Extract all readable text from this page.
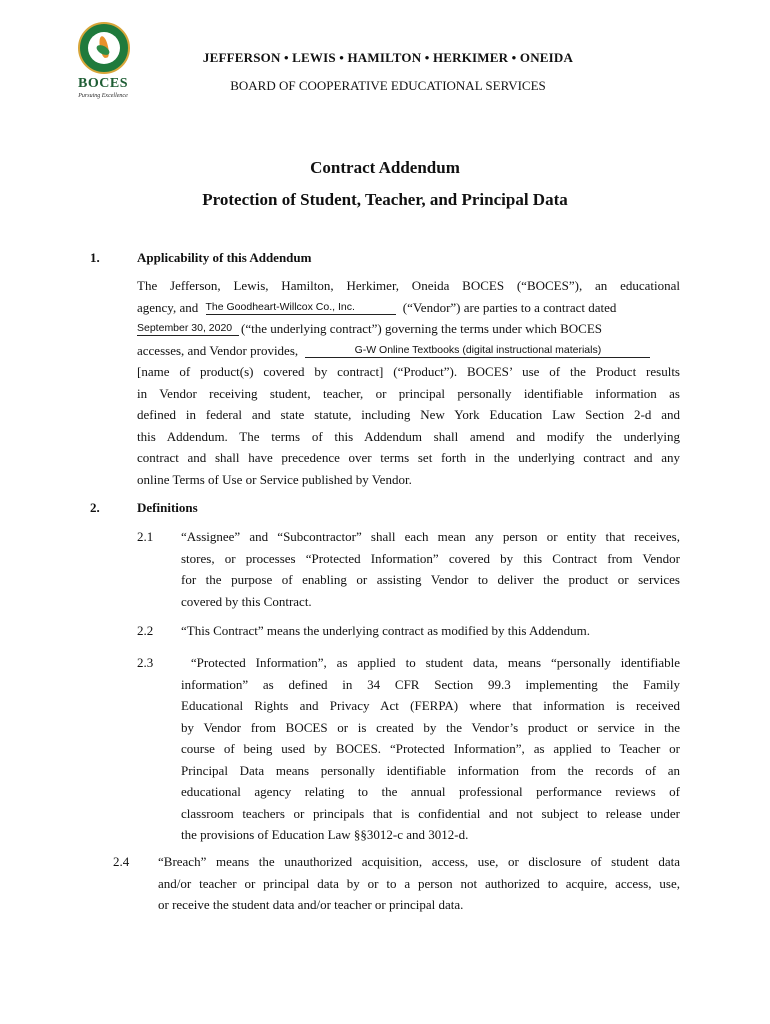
BOCES
Pursuing Excellence
JEFFERSON • LEWIS • HAMILTON • HERKIMER • ONEIDA
BOARD OF COOPERATIVE EDUCATIONAL SERVICES
Contract Addendum
Protection of Student, Teacher, and Principal Data
1.	Applicability of this Addendum
The Jefferson, Lewis, Hamilton, Herkimer, Oneida BOCES (“BOCES”), an educational
agency, and The Goodheart-Willcox Co., Inc.	(“Vendor”) are parties to a contract dated
September 30, 2020 (“the underlying contract”) governing the terms under which BOCES
accesses, and Vendor provides,	G-W Online Textbooks (digital instructional materials)
[name of product(s) covered by contract] (“Product”). BOCES’ use of the Product results
in Vendor receiving student, teacher, or principal personally identifiable information as
defined in federal and state statute, including New York Education Law Section 2-d and
this Addendum. The terms of this Addendum shall amend and modify the underlying
contract and shall have precedence over terms set forth in the underlying contract and any
online Terms of Use or Service published by Vendor.
2.	Definitions
2.1 “Assignee” and “Subcontractor” shall each mean any person or entity that receives,
stores, or processes “Protected Information” covered by this Contract from Vendor
for the purpose of enabling or assisting Vendor to deliver the product or services
covered by this Contract.
2.2 “This Contract” means the underlying contract as modified by this Addendum.
2.3 “Protected Information”, as applied to student data, means “personally identifiable
information” as defined in 34 CFR Section 99.3 implementing the Family
Educational Rights and Privacy Act (FERPA) where that information is received
by Vendor from BOCES or is created by the Vendor’s product or service in the
course of being used by BOCES. “Protected Information”, as applied to Teacher or
Principal Data means personally identifiable information from the records of an
educational agency relating to the annual professional performance reviews of
classroom teachers or principals that is confidential and not subject to release under
the provisions of Education Law §§3012-c and 3012-d.
2.4 “Breach” means the unauthorized acquisition, access, use, or disclosure of student data
and/or teacher or principal data by or to a person not authorized to acquire, access, use,
or receive the student data and/or teacher or principal data.
